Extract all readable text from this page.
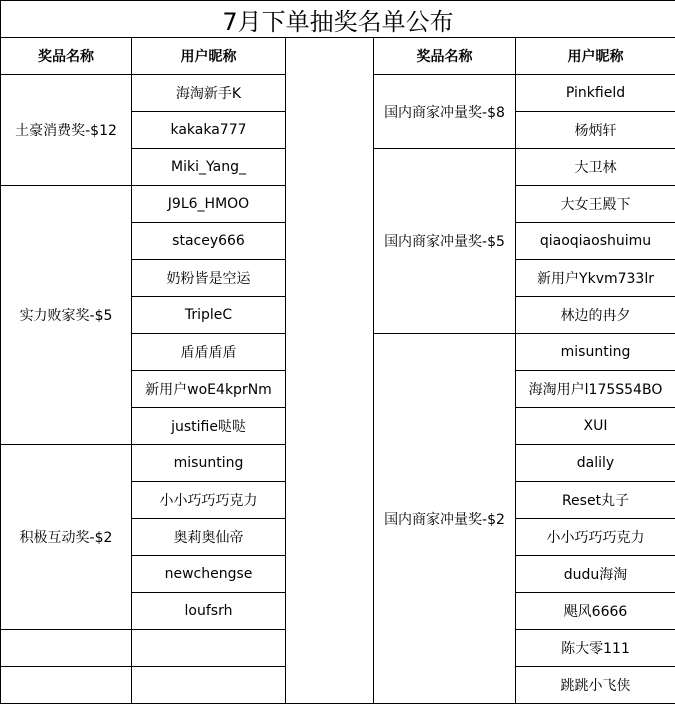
7月下单抽奖名单公布				
奖品名称	用户昵称		奖品名称	用户昵称
土豪消费奖-$12	海淘新手K		国内商家冲量奖-$8	Pinkfield
	kakaka777			杨炳轩
	Miki_Yang_		国内商家冲量奖-$5	大卫林
实力败家奖-$5	J9L6_HMOO			大女王殿下
	stacey666			qiaoqiaoshuimu
	奶粉皆是空运			新用户Ykvm733lr
	TripleC			林边的冉夕
	盾盾盾盾		国内商家冲量奖-$2	misunting
	新用户woE4kprNm			海淘用户l175S54BO
	justifie哒哒			XUI
积极互动奖-$2	misunting			dalily
	小小巧巧巧克力			Reset丸子
	奥莉奥仙帝			小小巧巧巧克力
	newchengse			dudu海淘
	loufsrh			飓风6666
				陈大零111
				跳跳小飞侠
